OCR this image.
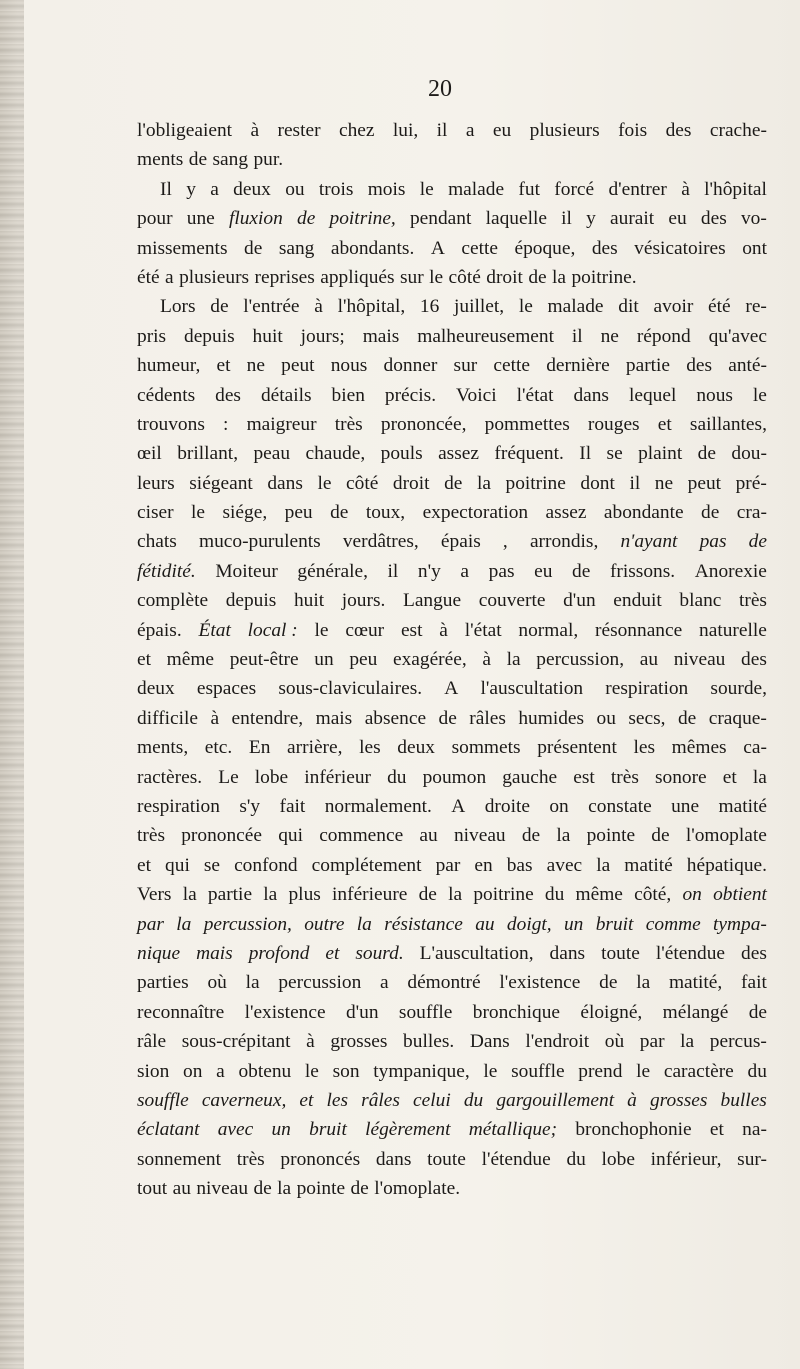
20
l'obligeaient à rester chez lui, il a eu plusieurs fois des crache-
ments de sang pur.
Il y a deux ou trois mois le malade fut forcé d'entrer à l'hôpital
pour une fluxion de poitrine, pendant laquelle il y aurait eu des vo-
missements de sang abondants. A cette époque, des vésicatoires ont
été a plusieurs reprises appliqués sur le côté droit de la poitrine.
Lors de l'entrée à l'hôpital, 16 juillet, le malade dit avoir été re-
pris depuis huit jours; mais malheureusement il ne répond qu'avec
humeur, et ne peut nous donner sur cette dernière partie des anté-
cédents des détails bien précis. Voici l'état dans lequel nous le
trouvons : maigreur très prononcée, pommettes rouges et saillantes,
œil brillant, peau chaude, pouls assez fréquent. Il se plaint de dou-
leurs siégeant dans le côté droit de la poitrine dont il ne peut pré-
ciser le siége, peu de toux, expectoration assez abondante de cra-
chats muco-purulents verdâtres, épais , arrondis, n'ayant pas de
fétidité. Moiteur générale, il n'y a pas eu de frissons. Anorexie
complète depuis huit jours. Langue couverte d'un enduit blanc très
épais. État local : le cœur est à l'état normal, résonnance naturelle
et même peut-être un peu exagérée, à la percussion, au niveau des
deux espaces sous-claviculaires. A l'auscultation respiration sourde,
difficile à entendre, mais absence de râles humides ou secs, de craque-
ments, etc. En arrière, les deux sommets présentent les mêmes ca-
ractères. Le lobe inférieur du poumon gauche est très sonore et la
respiration s'y fait normalement. A droite on constate une matité
très prononcée qui commence au niveau de la pointe de l'omoplate
et qui se confond complétement par en bas avec la matité hépatique.
Vers la partie la plus inférieure de la poitrine du même côté, on obtient
par la percussion, outre la résistance au doigt, un bruit comme tympa-
nique mais profond et sourd. L'auscultation, dans toute l'étendue des
parties où la percussion a démontré l'existence de la matité, fait
reconnaître l'existence d'un souffle bronchique éloigné, mélangé de
râle sous-crépitant à grosses bulles. Dans l'endroit où par la percus-
sion on a obtenu le son tympanique, le souffle prend le caractère du
souffle caverneux, et les râles celui du gargouillement à grosses bulles
éclatant avec un bruit légèrement métallique; bronchophonie et na-
sonnement très prononcés dans toute l'étendue du lobe inférieur, sur-
tout au niveau de la pointe de l'omoplate.
